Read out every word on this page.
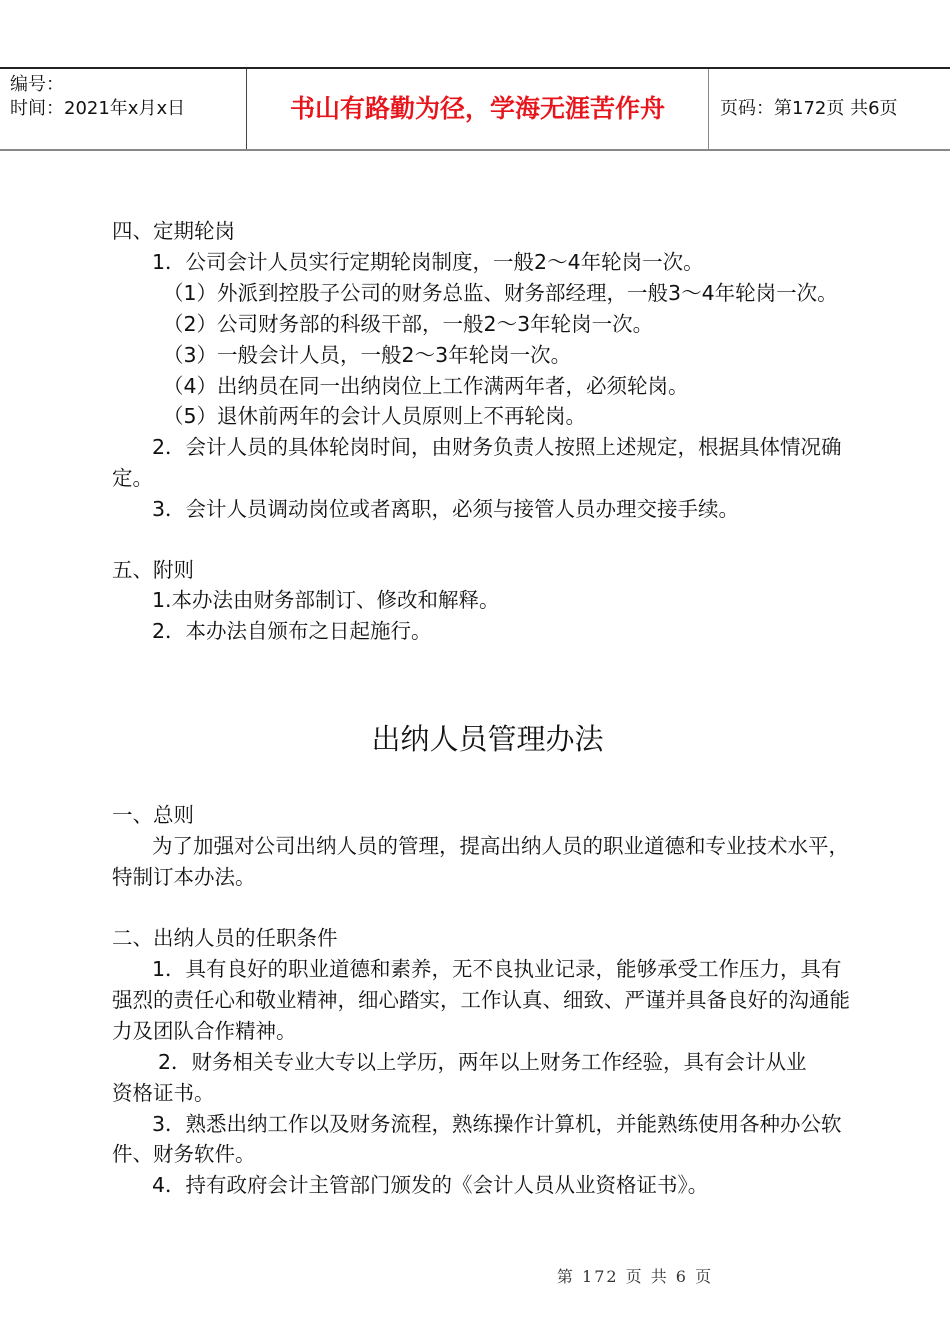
编号：
时间：2021年x月x日	书山有路勤为径，学海无涯苦作舟	页码：第172页 共6页
四、定期轮岗
1．公司会计人员实行定期轮岗制度，一般2～4年轮岗一次。
（1）外派到控股子公司的财务总监、财务部经理，一般3～4年轮岗一次。
（2）公司财务部的科级干部，一般2～3年轮岗一次。
（3）一般会计人员，一般2～3年轮岗一次。
（4）出纳员在同一出纳岗位上工作满两年者，必须轮岗。
（5）退休前两年的会计人员原则上不再轮岗。
2．会计人员的具体轮岗时间，由财务负责人按照上述规定，根据具体情况确
定。
3．会计人员调动岗位或者离职，必须与接管人员办理交接手续。
五、附则
1.本办法由财务部制订、修改和解释。
2．本办法自颁布之日起施行。
出纳人员管理办法
一、总则
为了加强对公司出纳人员的管理，提高出纳人员的职业道德和专业技术水平，
特制订本办法。
二、出纳人员的任职条件
1．具有良好的职业道德和素养，无不良执业记录，能够承受工作压力，具有
强烈的责任心和敬业精神，细心踏实，工作认真、细致、严谨并具备良好的沟通能
力及团队合作精神。
2．财务相关专业大专以上学历，两年以上财务工作经验，具有会计从业
资格证书。
3．熟悉出纳工作以及财务流程，熟练操作计算机，并能熟练使用各种办公软
件、财务软件。
4．持有政府会计主管部门颁发的《会计人员从业资格证书》。
第 172 页 共 6 页
